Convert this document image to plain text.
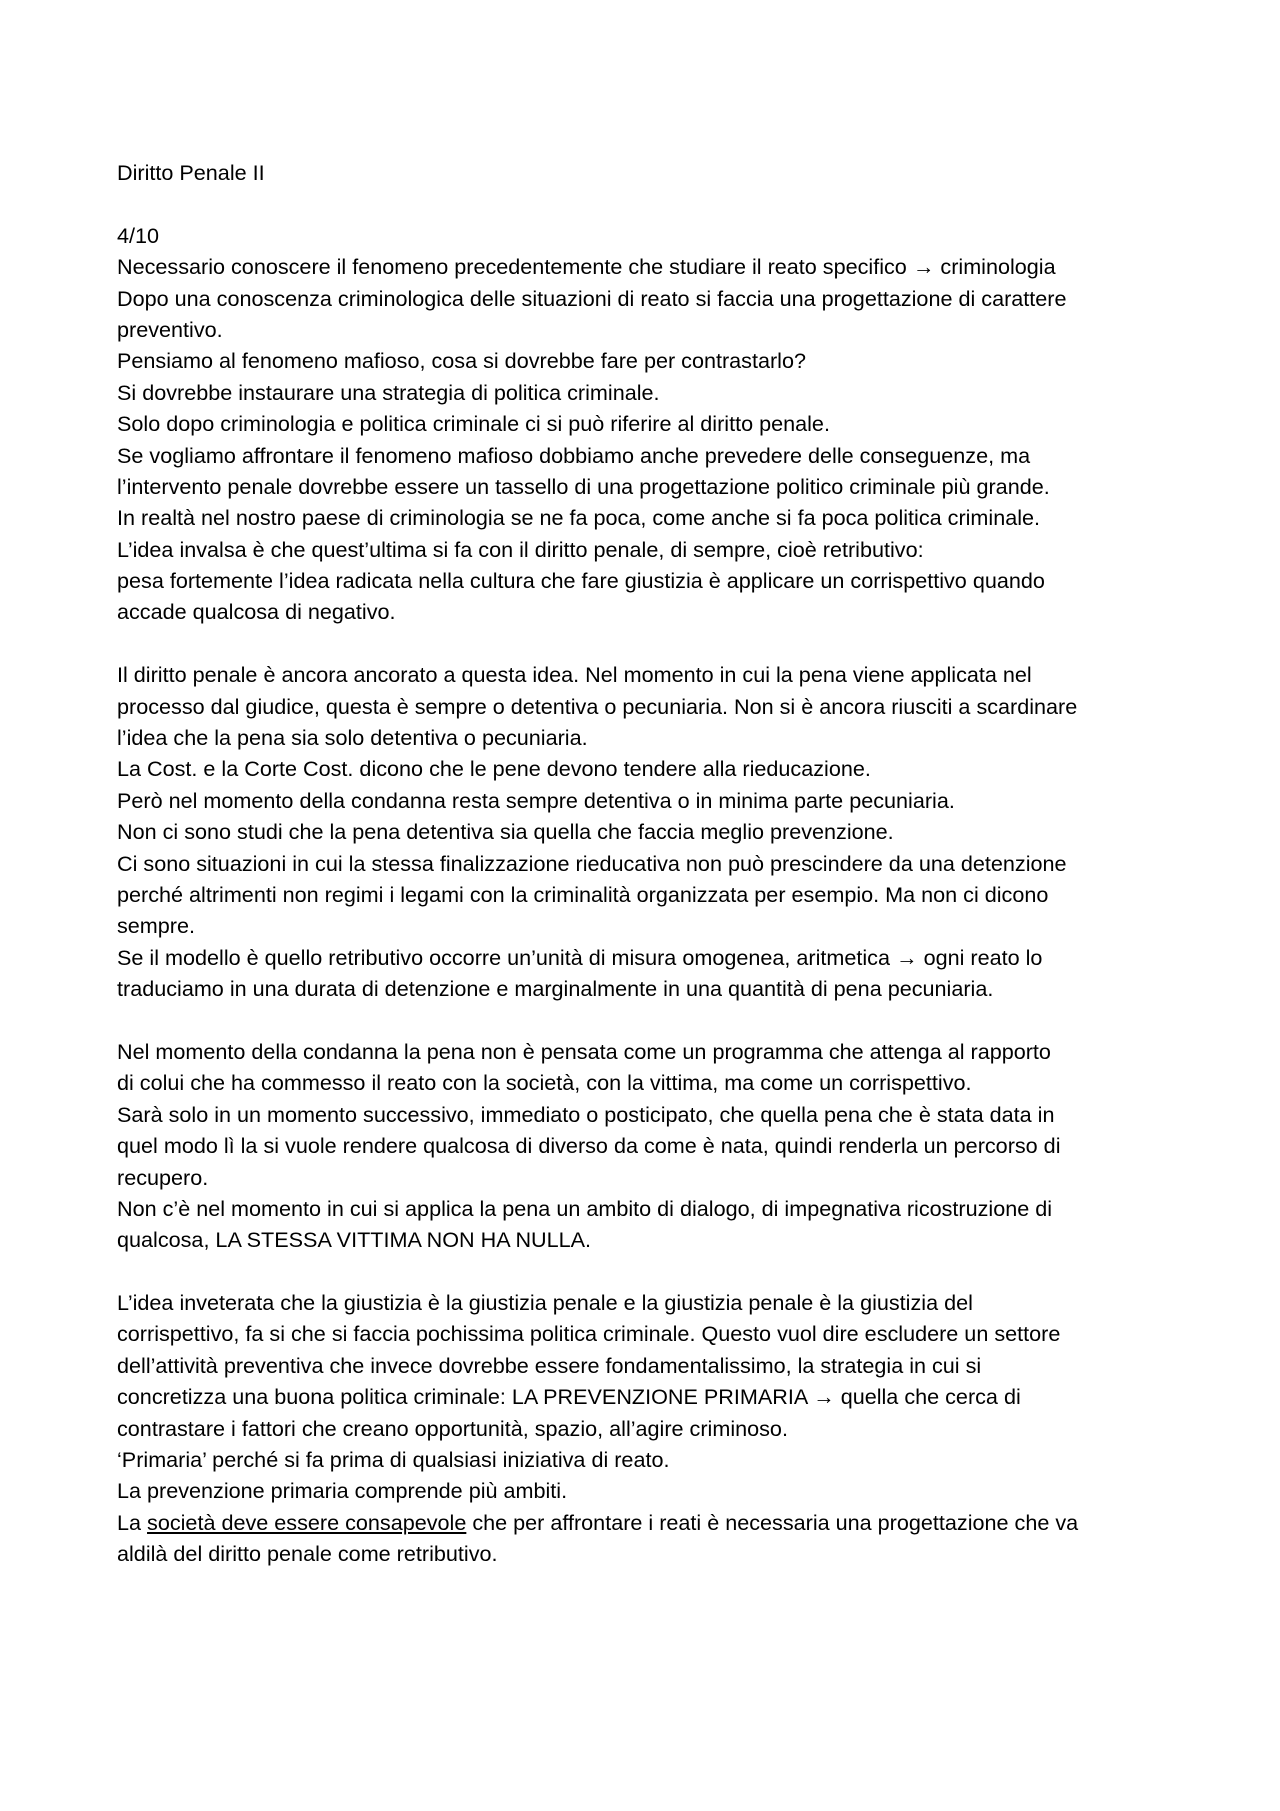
Diritto Penale II
4/10
Necessario conoscere il fenomeno precedentemente che studiare il reato specifico → criminologia
Dopo una conoscenza criminologica delle situazioni di reato si faccia una progettazione di carattere
preventivo.
Pensiamo al fenomeno mafioso, cosa si dovrebbe fare per contrastarlo?
Si dovrebbe instaurare una strategia di politica criminale.
Solo dopo criminologia e politica criminale ci si può riferire al diritto penale.
Se vogliamo affrontare il fenomeno mafioso dobbiamo anche prevedere delle conseguenze, ma
l’intervento penale dovrebbe essere un tassello di una progettazione politico criminale più grande.
In realtà nel nostro paese di criminologia se ne fa poca, come anche si fa poca politica criminale.
L’idea invalsa è che quest’ultima si fa con il diritto penale, di sempre, cioè retributivo:
pesa fortemente l’idea radicata nella cultura che fare giustizia è applicare un corrispettivo quando
accade qualcosa di negativo.
Il diritto penale è ancora ancorato a questa idea. Nel momento in cui la pena viene applicata nel
processo dal giudice, questa è sempre o detentiva o pecuniaria. Non si è ancora riusciti a scardinare
l’idea che la pena sia solo detentiva o pecuniaria.
La Cost. e la Corte Cost. dicono che le pene devono tendere alla rieducazione.
Però nel momento della condanna resta sempre detentiva o in minima parte pecuniaria.
Non ci sono studi che la pena detentiva sia quella che faccia meglio prevenzione.
Ci sono situazioni in cui la stessa finalizzazione rieducativa non può prescindere da una detenzione
perché altrimenti non regimi i legami con la criminalità organizzata per esempio. Ma non ci dicono
sempre.
Se il modello è quello retributivo occorre un’unità di misura omogenea, aritmetica → ogni reato lo
traduciamo in una durata di detenzione e marginalmente in una quantità di pena pecuniaria.
Nel momento della condanna la pena non è pensata come un programma che attenga al rapporto
di colui che ha commesso il reato con la società, con la vittima, ma come un corrispettivo.
Sarà solo in un momento successivo, immediato o posticipato, che quella pena che è stata data in
quel modo lì la si vuole rendere qualcosa di diverso da come è nata, quindi renderla un percorso di
recupero.
Non c’è nel momento in cui si applica la pena un ambito di dialogo, di impegnativa ricostruzione di
qualcosa, LA STESSA VITTIMA NON HA NULLA.
L’idea inveterata che la giustizia è la giustizia penale e la giustizia penale è la giustizia del
corrispettivo, fa si che si faccia pochissima politica criminale. Questo vuol dire escludere un settore
dell’attività preventiva che invece dovrebbe essere fondamentalissimo, la strategia in cui si
concretizza una buona politica criminale: LA PREVENZIONE PRIMARIA → quella che cerca di
contrastare i fattori che creano opportunità, spazio, all’agire criminoso.
‘Primaria’ perché si fa prima di qualsiasi iniziativa di reato.
La prevenzione primaria comprende più ambiti.
La società deve essere consapevole che per affrontare i reati è necessaria una progettazione che va
aldilà del diritto penale come retributivo.
